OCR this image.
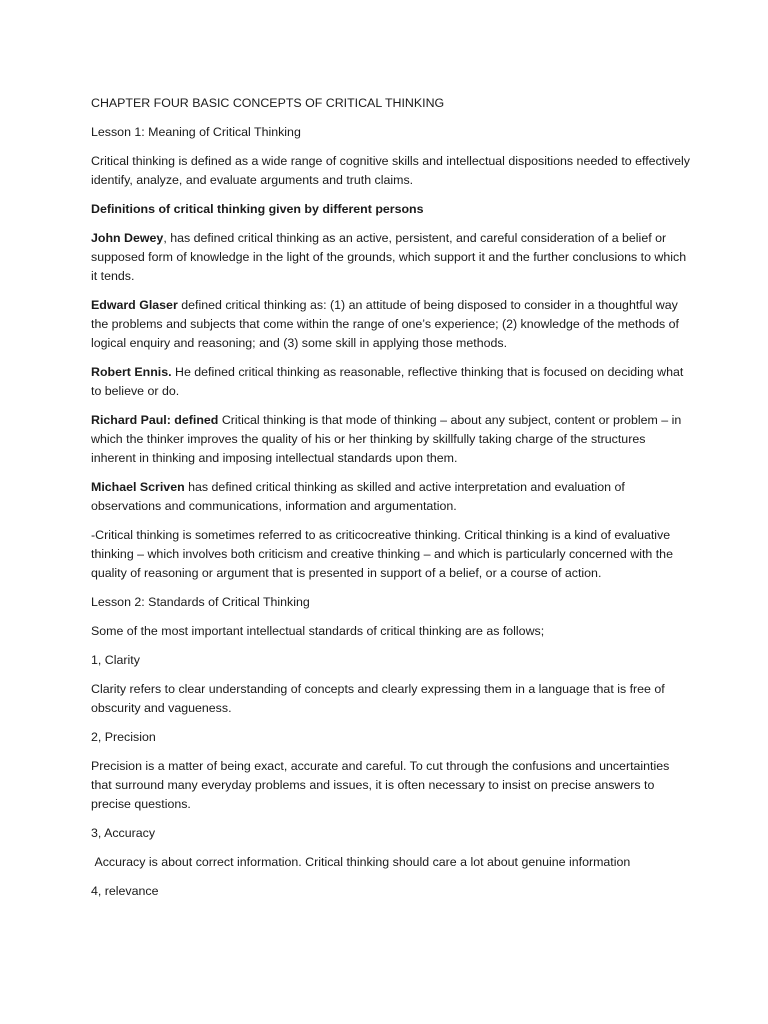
CHAPTER FOUR BASIC CONCEPTS OF CRITICAL THINKING

Lesson 1: Meaning of Critical Thinking

Critical thinking is defined as a wide range of cognitive skills and intellectual dispositions needed to effectively identify, analyze, and evaluate arguments and truth claims.

Definitions of critical thinking given by different persons

John Dewey, has defined critical thinking as an active, persistent, and careful consideration of a belief or supposed form of knowledge in the light of the grounds, which support it and the further conclusions to which it tends.

Edward Glaser defined critical thinking as: (1) an attitude of being disposed to consider in a thoughtful way the problems and subjects that come within the range of one’s experience; (2) knowledge of the methods of logical enquiry and reasoning; and (3) some skill in applying those methods.

Robert Ennis. He defined critical thinking as reasonable, reflective thinking that is focused on deciding what to believe or do.

Richard Paul: defined Critical thinking is that mode of thinking – about any subject, content or problem – in which the thinker improves the quality of his or her thinking by skillfully taking charge of the structures inherent in thinking and imposing intellectual standards upon them.

Michael Scriven has defined critical thinking as skilled and active interpretation and evaluation of observations and communications, information and argumentation.

-Critical thinking is sometimes referred to as criticocreative thinking. Critical thinking is a kind of evaluative thinking – which involves both criticism and creative thinking – and which is particularly concerned with the quality of reasoning or argument that is presented in support of a belief, or a course of action.

Lesson 2: Standards of Critical Thinking

Some of the most important intellectual standards of critical thinking are as follows;

1, Clarity

Clarity refers to clear understanding of concepts and clearly expressing them in a language that is free of obscurity and vagueness.

2, Precision

Precision is a matter of being exact, accurate and careful. To cut through the confusions and uncertainties that surround many everyday problems and issues, it is often necessary to insist on precise answers to precise questions.

3, Accuracy

Accuracy is about correct information. Critical thinking should care a lot about genuine information

4, relevance
